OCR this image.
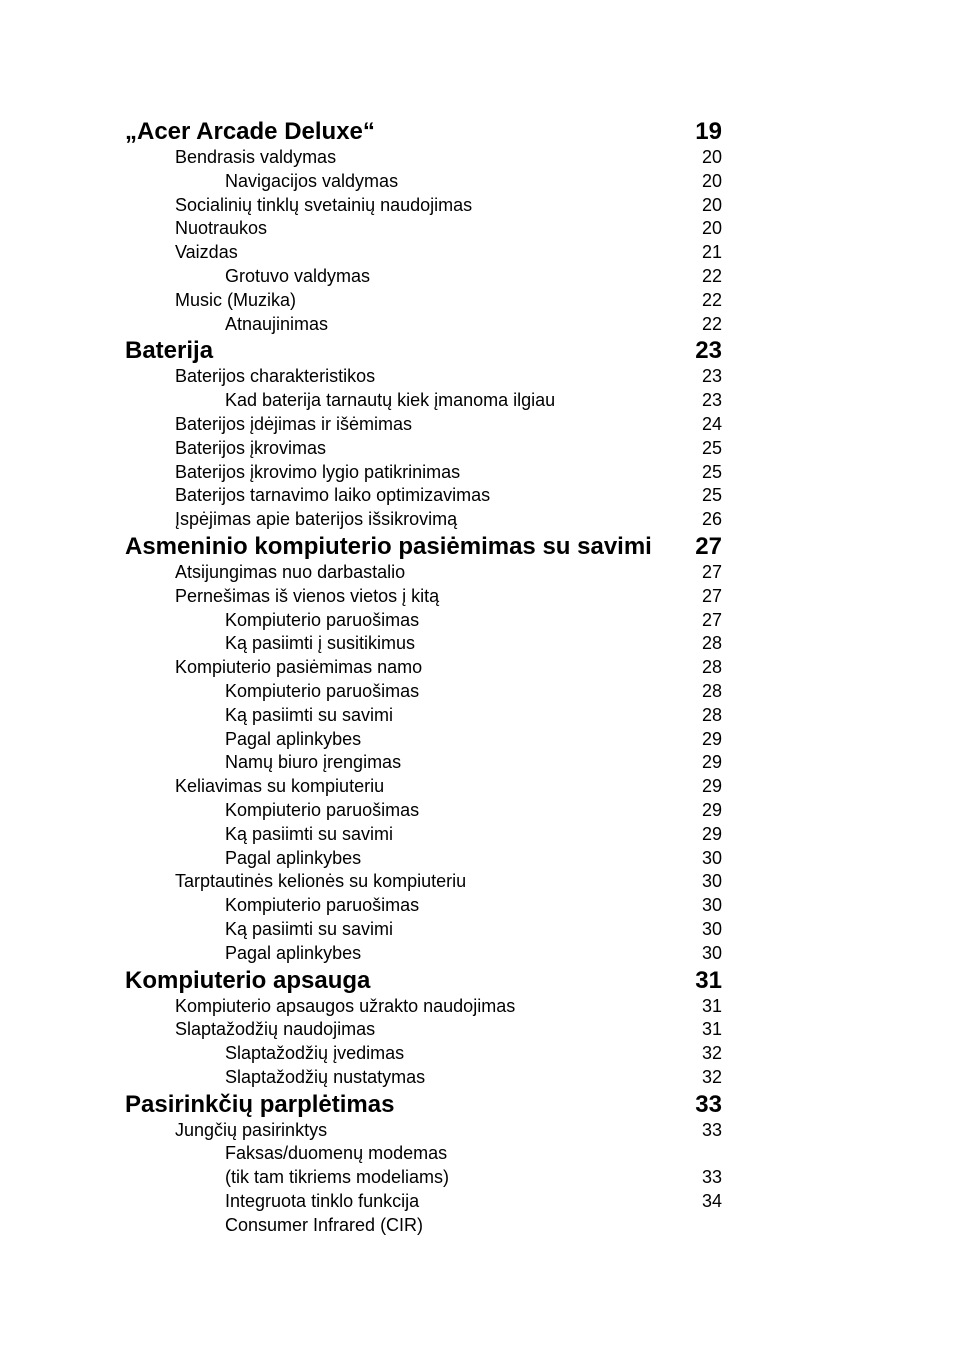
„Acer Arcade Deluxe“	19
Bendrasis valdymas	20
Navigacijos valdymas	20
Socialinių tinklų svetainių naudojimas	20
Nuotraukos	20
Vaizdas	21
Grotuvo valdymas	22
Music (Muzika)	22
Atnaujinimas	22
Baterija	23
Baterijos charakteristikos	23
Kad baterija tarnautų kiek įmanoma ilgiau	23
Baterijos įdėjimas ir išėmimas	24
Baterijos įkrovimas	25
Baterijos įkrovimo lygio patikrinimas	25
Baterijos tarnavimo laiko optimizavimas	25
Įspėjimas apie baterijos išsikrovimą	26
Asmeninio kompiuterio pasiėmimas su savimi 27
Atsijungimas nuo darbastalio	27
Pernešimas iš vienos vietos į kitą	27
Kompiuterio paruošimas	27
Ką pasiimti į susitikimus	28
Kompiuterio pasiėmimas namo	28
Kompiuterio paruošimas	28
Ką pasiimti su savimi	28
Pagal aplinkybes	29
Namų biuro įrengimas	29
Keliavimas su kompiuteriu	29
Kompiuterio paruošimas	29
Ką pasiimti su savimi	29
Pagal aplinkybes	30
Tarptautinės kelionės su kompiuteriu	30
Kompiuterio paruošimas	30
Ką pasiimti su savimi	30
Pagal aplinkybes	30
Kompiuterio apsauga	31
Kompiuterio apsaugos užrakto naudojimas	31
Slaptažodžių naudojimas	31
Slaptažodžių įvedimas	32
Slaptažodžių nustatymas	32
Pasirinkčių parplėtimas	33
Jungčių pasirinktys	33
Faksas/duomenų modemas
(tik tam tikriems modeliams)	33
Integruota tinklo funkcija	34
Consumer Infrared (CIR)
